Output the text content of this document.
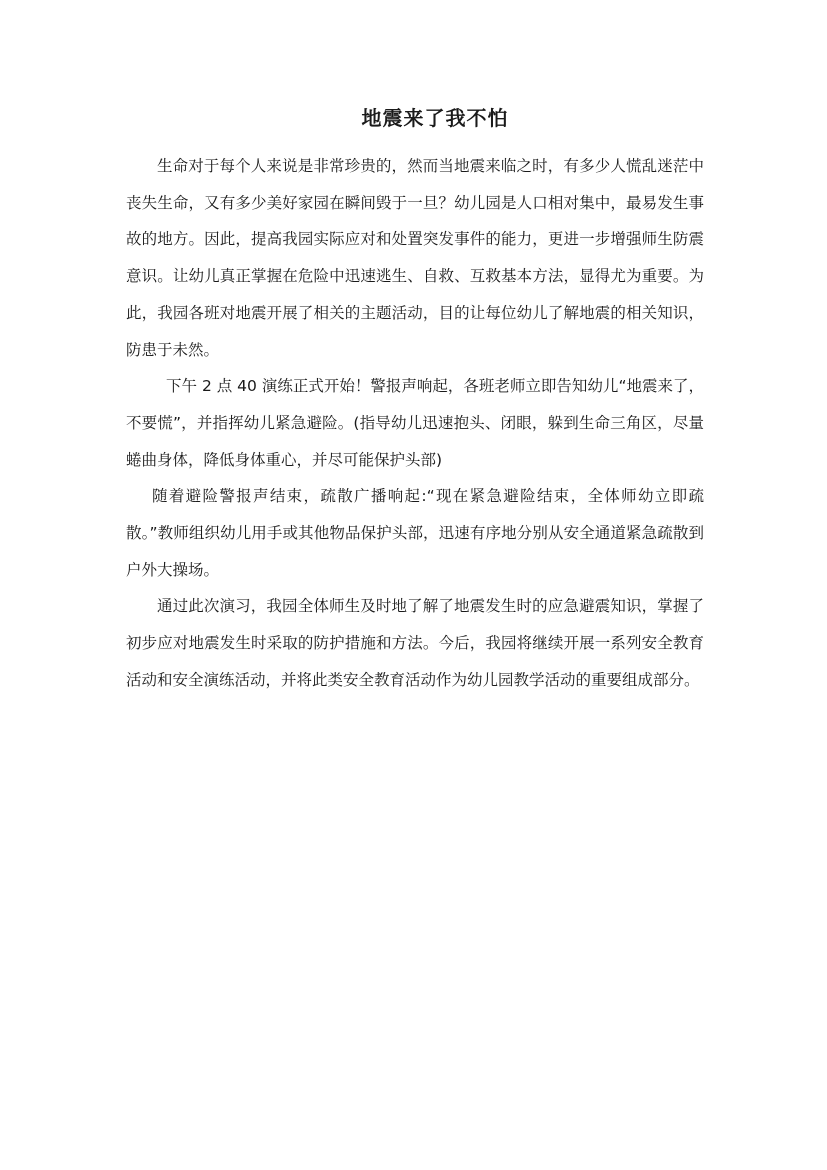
地震来了我不怕

生命对于每个人来说是非常珍贵的，然而当地震来临之时，有多少人慌乱迷茫中丧失生命，又有多少美好家园在瞬间毁于一旦？幼儿园是人口相对集中，最易发生事故的地方。因此，提高我园实际应对和处置突发事件的能力，更进一步增强师生防震意识。让幼儿真正掌握在危险中迅速逃生、自救、互救基本方法，显得尤为重要。为此，我园各班对地震开展了相关的主题活动，目的让每位幼儿了解地震的相关知识，防患于未然。

下午 2 点 40 演练正式开始！警报声响起，各班老师立即告知幼儿“地震来了，不要慌”，并指挥幼儿紧急避险。(指导幼儿迅速抱头、闭眼，躲到生命三角区，尽量蜷曲身体，降低身体重心，并尽可能保护头部)

随着避险警报声结束，疏散广播响起:“现在紧急避险结束，全体师幼立即疏散。”教师组织幼儿用手或其他物品保护头部，迅速有序地分别从安全通道紧急疏散到户外大操场。

通过此次演习，我园全体师生及时地了解了地震发生时的应急避震知识，掌握了初步应对地震发生时采取的防护措施和方法。今后，我园将继续开展一系列安全教育活动和安全演练活动，并将此类安全教育活动作为幼儿园教学活动的重要组成部分。
